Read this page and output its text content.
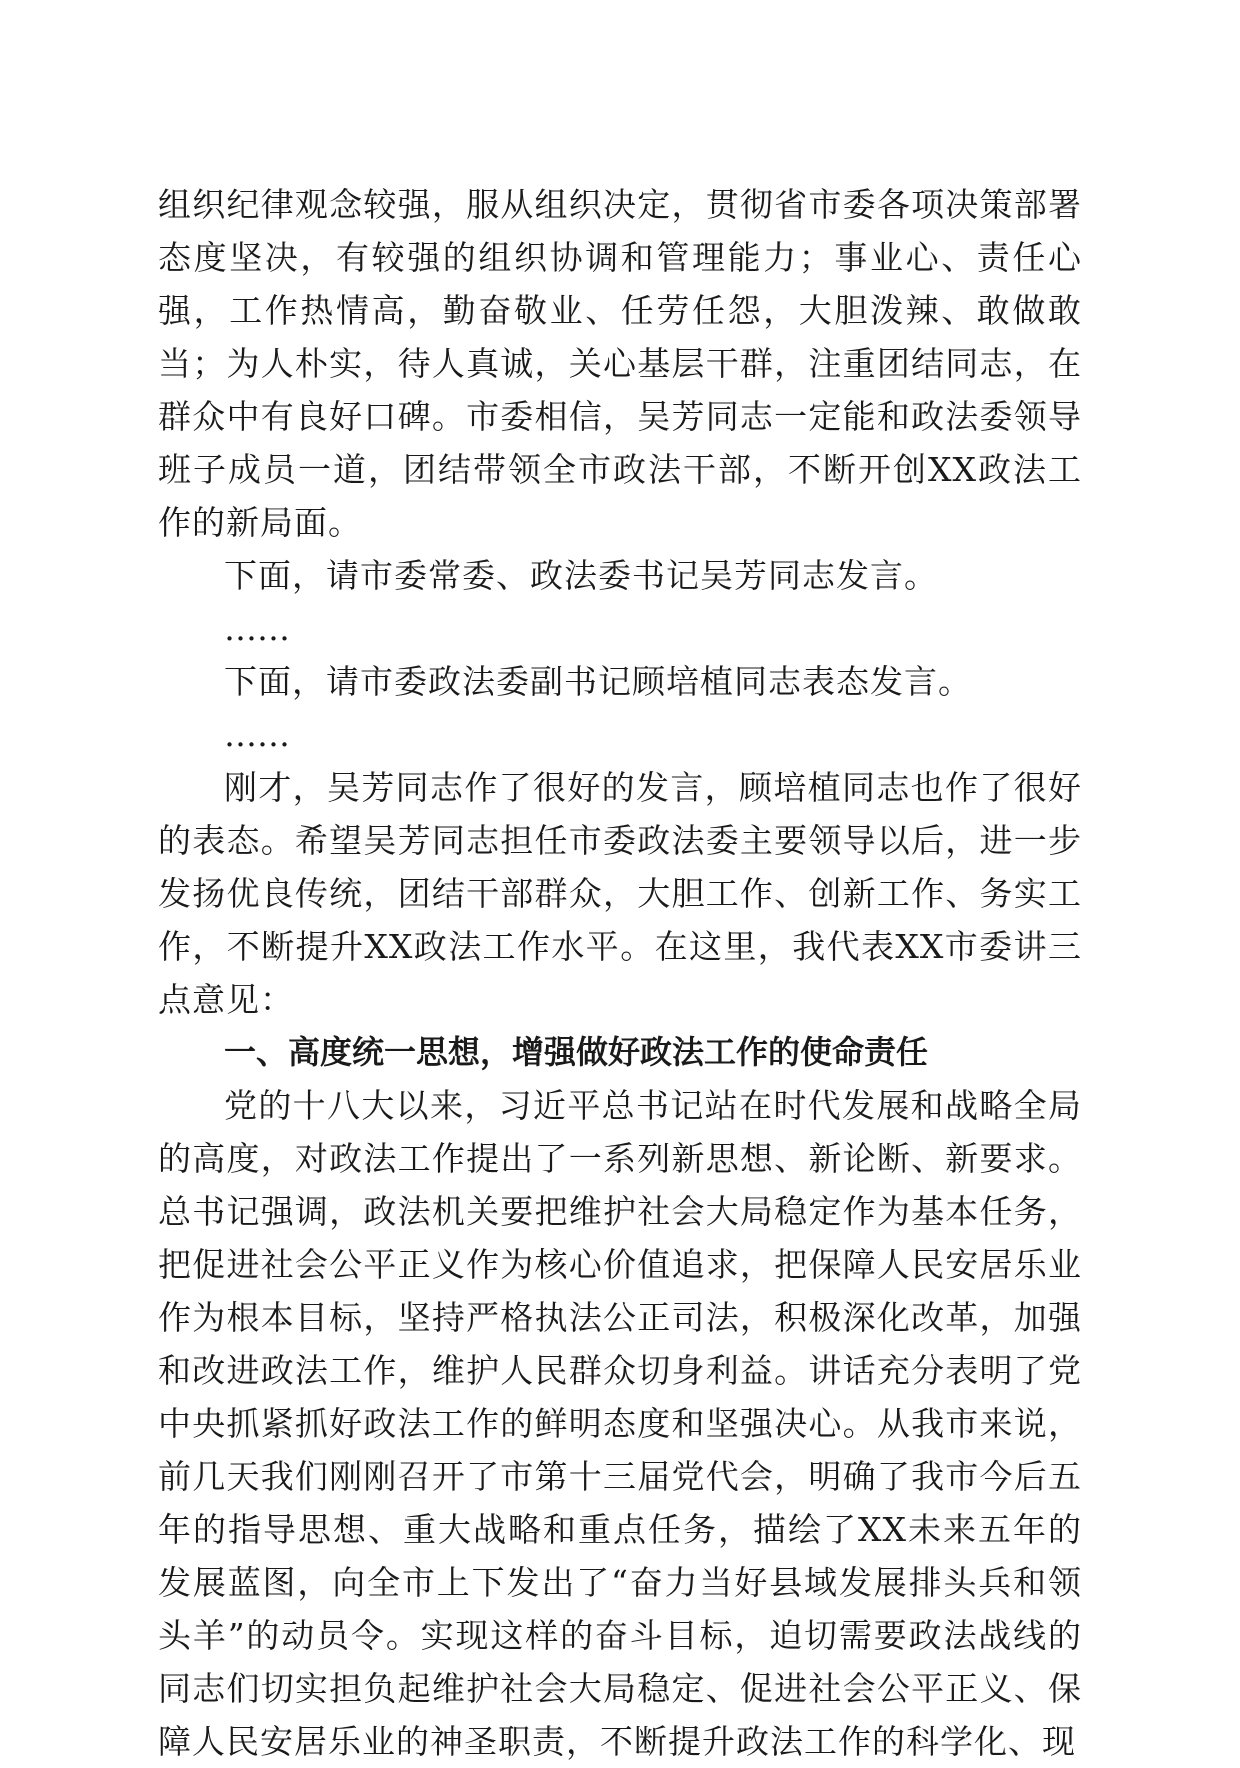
组织纪律观念较强，服从组织决定，贯彻省市委各项决策部署态度坚决，有较强的组织协调和管理能力；事业心、责任心强，工作热情高，勤奋敬业、任劳任怨，大胆泼辣、敢做敢当；为人朴实，待人真诚，关心基层干群，注重团结同志，在群众中有良好口碑。市委相信，吴芳同志一定能和政法委领导班子成员一道，团结带领全市政法干部，不断开创XX政法工作的新局面。

下面，请市委常委、政法委书记吴芳同志发言。

……

下面，请市委政法委副书记顾培植同志表态发言。

……

刚才，吴芳同志作了很好的发言，顾培植同志也作了很好的表态。希望吴芳同志担任市委政法委主要领导以后，进一步发扬优良传统，团结干部群众，大胆工作、创新工作、务实工作，不断提升XX政法工作水平。在这里，我代表XX市委讲三点意见：

一、高度统一思想，增强做好政法工作的使命责任

党的十八大以来，习近平总书记站在时代发展和战略全局的高度，对政法工作提出了一系列新思想、新论断、新要求。总书记强调，政法机关要把维护社会大局稳定作为基本任务，把促进社会公平正义作为核心价值追求，把保障人民安居乐业作为根本目标，坚持严格执法公正司法，积极深化改革，加强和改进政法工作，维护人民群众切身利益。讲话充分表明了党中央抓紧抓好政法工作的鲜明态度和坚强决心。从我市来说，前几天我们刚刚召开了市第十三届党代会，明确了我市今后五年的指导思想、重大战略和重点任务，描绘了XX未来五年的发展蓝图，向全市上下发出了“奋力当好县域发展排头兵和领头羊”的动员令。实现这样的奋斗目标，迫切需要政法战线的同志们切实担负起维护社会大局稳定、促进社会公平正义、保障人民安居乐业的神圣职责，不断提升政法工作的科学化、现
